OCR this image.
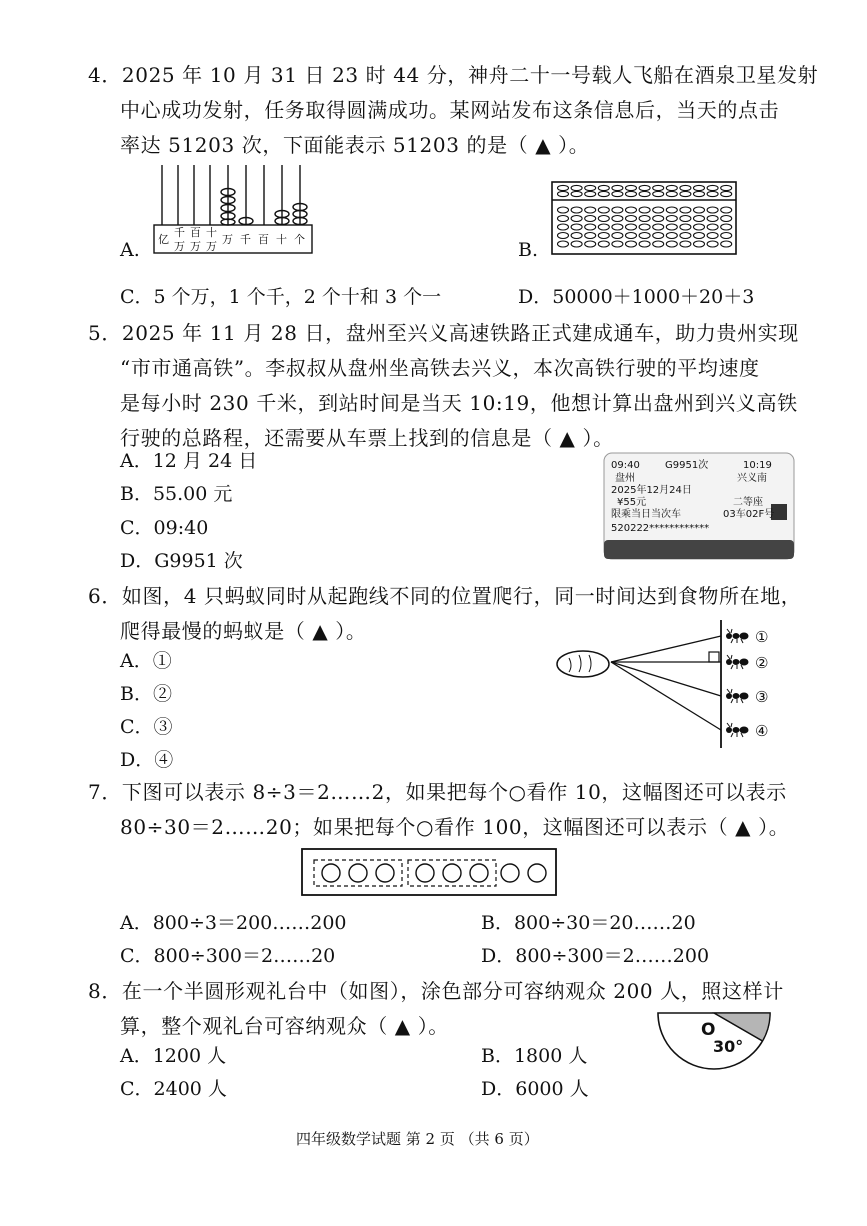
4．2025 年 10 月 31 日 23 时 44 分，神舟二十一号载人飞船在酒泉卫星发射
中心成功发射，任务取得圆满成功。某网站发布这条信息后，当天的点击
率达 51203 次，下面能表示 51203 的是（ ▲ ）。
A. 亿
千
万
百
万
十
万
万 千 百 十 个	B.
C．5 个万，1 个千，2 个十和 3 个一	D．50000＋1000＋20＋3
5．2025 年 11 月 28 日，盘州至兴义高速铁路正式建成通车，助力贵州实现
“市市通高铁”。李叔叔从盘州坐高铁去兴义，本次高铁行驶的平均速度
是每小时 230 千米，到站时间是当天 10:19，他想计算出盘州到兴义高铁
行驶的总路程，还需要从车票上找到的信息是（ ▲ ）。
A．12 月 24 日
B．55.00 元
C．09:40
D．G9951 次
09:40	G9951次	10:19
盘州	兴义南
2025年12月24日
¥55元	二等座
限乘当日当次车	03车02F号
520222************
6．如图，4 只蚂蚁同时从起跑线不同的位置爬行，同一时间达到食物所在地，
爬得最慢的蚂蚁是（ ▲ ）。
A．①
B．②
C．③
D．④
①
②
③
④
7．下图可以表示 8÷3＝2……2，如果把每个○看作 10，这幅图还可以表示
80÷30＝2……20；如果把每个○看作 100，这幅图还可以表示（ ▲ ）。
A．800÷3＝200……200	B．800÷30＝20……20
C．800÷300＝2……20	D．800÷300＝2……200
8．在一个半圆形观礼台中（如图），涂色部分可容纳观众 200 人，照这样计
算，整个观礼台可容纳观众（ ▲ ）。
A．1200 人	B．1800 人
C．2400 人	D．6000 人
O
30°
四年级数学试题 第 2 页 （共 6 页）
